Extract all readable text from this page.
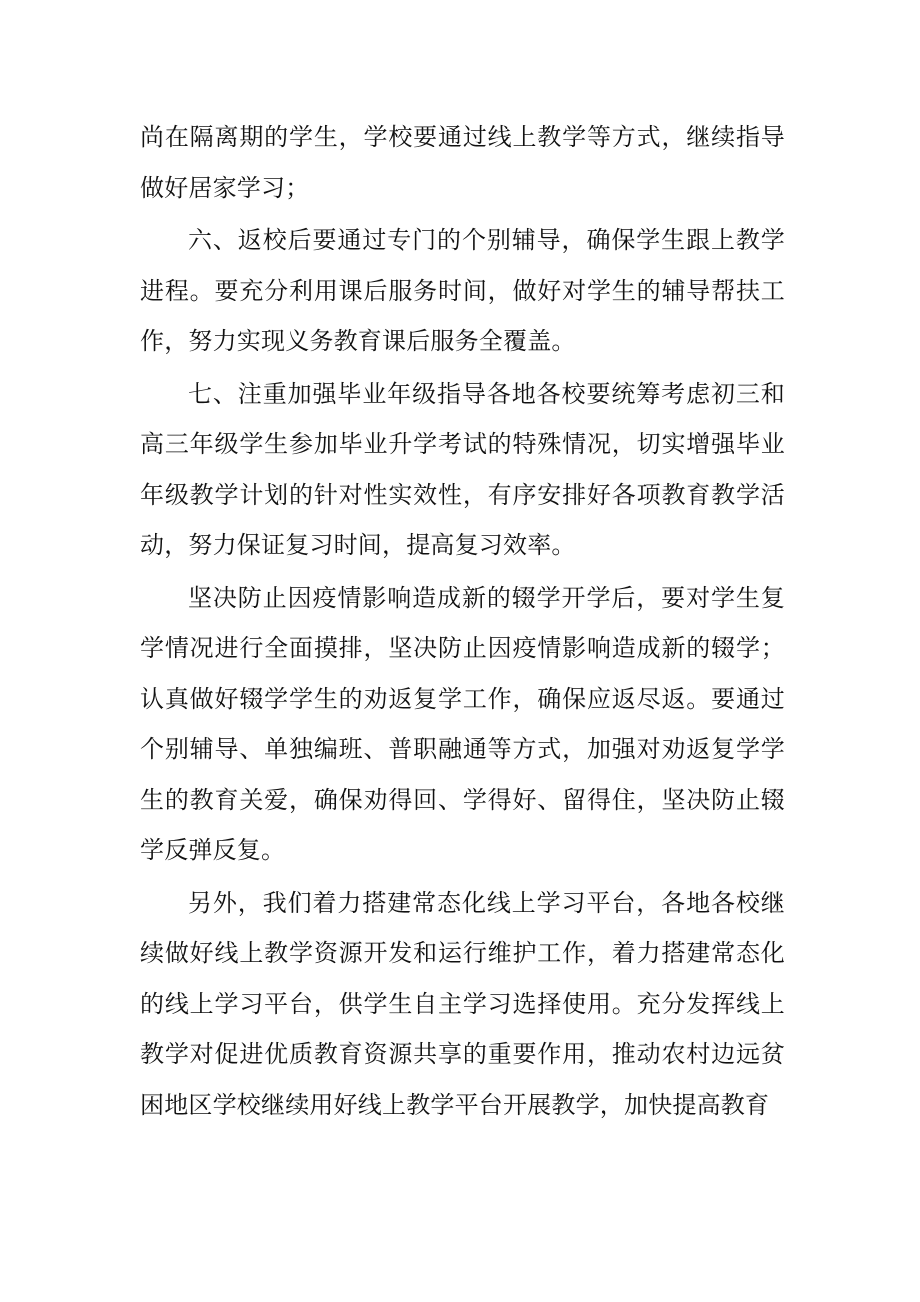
尚在隔离期的学生，学校要通过线上教学等方式，继续指导做好居家学习；

六、返校后要通过专门的个别辅导，确保学生跟上教学进程。要充分利用课后服务时间，做好对学生的辅导帮扶工作，努力实现义务教育课后服务全覆盖。

七、注重加强毕业年级指导各地各校要统筹考虑初三和高三年级学生参加毕业升学考试的特殊情况，切实增强毕业年级教学计划的针对性实效性，有序安排好各项教育教学活动，努力保证复习时间，提高复习效率。

坚决防止因疫情影响造成新的辍学开学后，要对学生复学情况进行全面摸排，坚决防止因疫情影响造成新的辍学；认真做好辍学学生的劝返复学工作，确保应返尽返。要通过个别辅导、单独编班、普职融通等方式，加强对劝返复学学生的教育关爱，确保劝得回、学得好、留得住，坚决防止辍学反弹反复。

另外，我们着力搭建常态化线上学习平台，各地各校继续做好线上教学资源开发和运行维护工作，着力搭建常态化的线上学习平台，供学生自主学习选择使用。充分发挥线上教学对促进优质教育资源共享的重要作用，推动农村边远贫困地区学校继续用好线上教学平台开展教学，加快提高教育
